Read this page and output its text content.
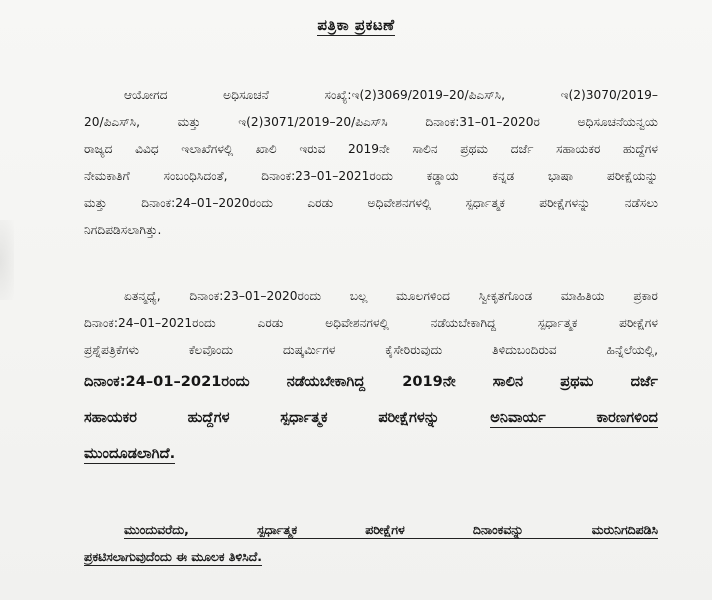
ಪತ್ರಿಕಾ ಪ್ರಕಟಣೆ
ಆಯೋಗದ ಅಧಿಸೂಚನೆ ಸಂಖ್ಯೆ:ಇ(2)3069/2019–20/ಪಿಎಸ್‌ಸಿ, ಇ(2)3070/2019–
20/ಪಿಎಸ್‌ಸಿ, ಮತ್ತು ಇ(2)3071/2019–20/ಪಿಎಸ್‌ಸಿ ದಿನಾಂಕ:31–01–2020ರ ಅಧಿಸೂಚನೆಯನ್ವಯ
ರಾಜ್ಯದ ವಿವಿಧ ಇಲಾಖೆಗಳಲ್ಲಿ ಖಾಲಿ ಇರುವ 2019ನೇ ಸಾಲಿನ ಪ್ರಥಮ ದರ್ಜೆ ಸಹಾಯಕರ ಹುದ್ದೆಗಳ
ನೇಮಕಾತಿಗೆ ಸಂಬಂಧಿಸಿದಂತೆ, ದಿನಾಂಕ:23–01–2021ರಂದು ಕಡ್ಡಾಯ ಕನ್ನಡ ಭಾಷಾ ಪರೀಕ್ಷೆಯನ್ನು
ಮತ್ತು ದಿನಾಂಕ:24–01–2020ರಂದು ಎರಡು ಅಧಿವೇಶನಗಳಲ್ಲಿ ಸ್ಪರ್ಧಾತ್ಮಕ ಪರೀಕ್ಷೆಗಳನ್ನು ನಡೆಸಲು
ನಿಗದಿಪಡಿಸಲಾಗಿತ್ತು.
ಏತನ್ಮಧ್ಯೆ, ದಿನಾಂಕ:23–01–2020ರಂದು ಬಲ್ಲ ಮೂಲಗಳಿಂದ ಸ್ವೀಕೃತಗೊಂಡ ಮಾಹಿತಿಯ ಪ್ರಕಾರ
ದಿನಾಂಕ:24–01–2021ರಂದು ಎರಡು ಅಧಿವೇಶನಗಳಲ್ಲಿ ನಡೆಯಬೇಕಾಗಿದ್ದ ಸ್ಪರ್ಧಾತ್ಮಕ ಪರೀಕ್ಷೆಗಳ
ಪ್ರಶ್ನೆಪತ್ರಿಕೆಗಳು ಕೆಲವೊಂದು ದುಷ್ಕರ್ಮಿಗಳ ಕೈಸೇರಿರುವುದು ತಿಳಿದುಬಂದಿರುವ ಹಿನ್ನೆಲೆಯಲ್ಲಿ,
ದಿನಾಂಕ:24–01–2021ರಂದು ನಡೆಯಬೇಕಾಗಿದ್ದ 2019ನೇ ಸಾಲಿನ ಪ್ರಥಮ ದರ್ಜೆ
ಸಹಾಯಕರ ಹುದ್ದೆಗಳ ಸ್ಪರ್ಧಾತ್ಮಕ ಪರೀಕ್ಷೆಗಳನ್ನು ಅನಿವಾರ್ಯ ಕಾರಣಗಳಿಂದ
ಮುಂದೂಡಲಾಗಿದೆ.
ಮುಂದುವರೆದು, ಸ್ಪರ್ಧಾತ್ಮಕ ಪರೀಕ್ಷೆಗಳ ದಿನಾಂಕವನ್ನು ಮರುನಿಗದಿಪಡಿಸಿ
ಪ್ರಕಟಿಸಲಾಗುವುದೆಂದು ಈ ಮೂಲಕ ತಿಳಿಸಿದೆ.
